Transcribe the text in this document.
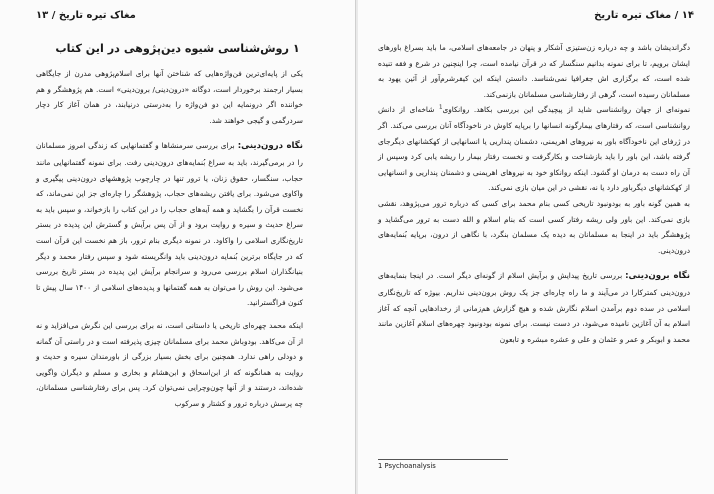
مغاک تیره تاریخ / ۱۳
۱ روش‌شناسی شیوه دین‌پژوهی در این کتاب

یکی از پایه‌ای‌ترین فن‌واژه‌هایی که شناختن آنها برای اسلام‌پژوهی مدرن از جایگاهی بسیار ارجمند برخوردار است، دوگانه «درون‌دینی/ برون‌دینی» است. هم پژوهشگر و هم خواننده اگر درونمایه این دو فن‌واژه را به‌درستی درنیابند، در همان آغاز کار دچار سردرگمی و گیجی خواهند شد.

نگاه درون‌دینی:برای بررسی سرمنشاها و گفتمانهایی که زندگی امروز مسلمانان را در برمی‌گیرند، باید به سراغ بُنمایه‌های درون‌دینی رفت. برای نمونه گفتمانهایی مانند حجاب، سنگسار، حقوق زنان، یا ترور تنها در چارچوب پژوهشهای درون‌دینی پیگیری و واکاوی می‌شود. برای یافتن ریشه‌های حجاب، پژوهشگر را چاره‌ای جز این نمی‌ماند، که نخست قرآن را بگشاید و همه آیه‌های حجاب را در این کتاب را بازخواند، و سپس باید به سراغ حدیث و سیره و روایت برود و از آن پس برآیش و گسترش این پدیده در بستر تاریخ‌نگاری اسلامی را واکاود. در نمونه دیگری بنام ترور، باز هم نخست این قرآن است که در جایگاه برترین بُنمایه درون‌دینی باید وانگریسته شود و سپس رفتار محمد و دیگر بنیانگذاران اسلام بررسی می‌رود و سرانجام برآیش این پدیده در بستر تاریخ بررسی می‌شود. این روش را می‌توان به همه گفتمانها و پدیده‌های اسلامی از ۱۴۰۰ سال پیش تا کنون فراگسترانید.

اینکه محمد چهره‌ای تاریخی یا داستانی است، نه برای بررسی این نگرش می‌افزاید و نه از آن می‌کاهد. بودوباش محمد برای مسلمانان چیزی پذیرفته است و در راستی آن گمانه و دودلی راهی ندارد. همچنین برای بخش بسیار بزرگی از باورمندان سیره و حدیث و روایت به همانگونه که از ابن‌اسحاق و ابن‌هشام و بخاری و مسلم و دیگران واگویی شده‌اند، درستند و از آنها چون‌وچرایی نمی‌توان کرد. پس برای رفتارشناسی مسلمانان، چه پرسش درباره ترور و کشتار و سرکوب

۱۴ / مغاک تیره تاریخ

دگراندیشان باشد و چه درباره زن‌ستیزی آشکار و پنهان در جامعه‌های اسلامی، ما باید بسراغ باورهای ایشان برویم، تا برای نمونه بدانیم سنگسار که در قرآن نیامده است، چرا اینچنین در شرع و فقه تنیده شده است، که برگزاری اش جغرافیا نمی‌شناسد. دانستن اینکه این کیفرشرم‌آور از آئین یهود به مسلمانان رسیده است، گرهی از رفتارشناسی مسلمانان بازنمی‌کند.

نمونه‌ای از جهان روانشناسی شاید از پیچیدگی این بررسی بکاهد. روانکاوی$^1$ شاخه‌ای از دانش روانشناسی است، که رفتارهای بیمارگونه انسانها را برپایه کاوش در ناخودآگاه آنان بررسی می‌کند. اگر در ژرفای این ناخودآگاه باور به نیروهای اهریمنی، دشمنان پنداریی یا انسانهایی از کهکشانهای دیگرجای گرفته باشد، این باور را باید بازشناخت و بکارگرفت و نخست رفتار بیمار را ریشه یابی کرد وسپس از آن راه دست به درمان او گشود. اینکه روانکاو خود به نیروهای اهریمنی و دشمنان پنداریی و انسانهایی از کهکشانهای دیگرباور دارد یا نه، نقشی در این میان بازی نمی‌کند.

به همین گونه باور به بودونبود تاریخی کسی بنام محمد برای کسی که درباره ترور می‌پژوهد، نقشی بازی نمی‌کند. این باور ولی ریشه رفتار کسی است که بنام اسلام و الله دست به ترور می‌گشاید و پژوهشگر باید در اینجا به مسلمانان به دیده یک مسلمان بنگرد، با نگاهی از درون، برپایه بُنمایه‌های درون‌دینی.

نگاه برون‌دینی:بررسی تاریخ پیدایش و برآیش اسلام از گونه‌ای دیگر است. در اینجا بنمایه‌های درون‌دینی کمترکارا در می‌آیند و ما راه چاره‌ای جز یک روش برون‌دینی نداریم. بیوژه که تاریخ‌نگاری اسلامی در سده دوم برآمدن اسلام نگارش شده و هیچ گزارش هم‌زمانی از رخدادهایی آنچه که آغاز اسلام به آن آغازین نامیده می‌شود، در دست نیست. برای نمونه بودونبود چهره‌های اسلام آغازین مانند محمد و ابوبکر و عمر و عثمان و علی و عشره مبشره و تابعون

1 Psychoanalysis
